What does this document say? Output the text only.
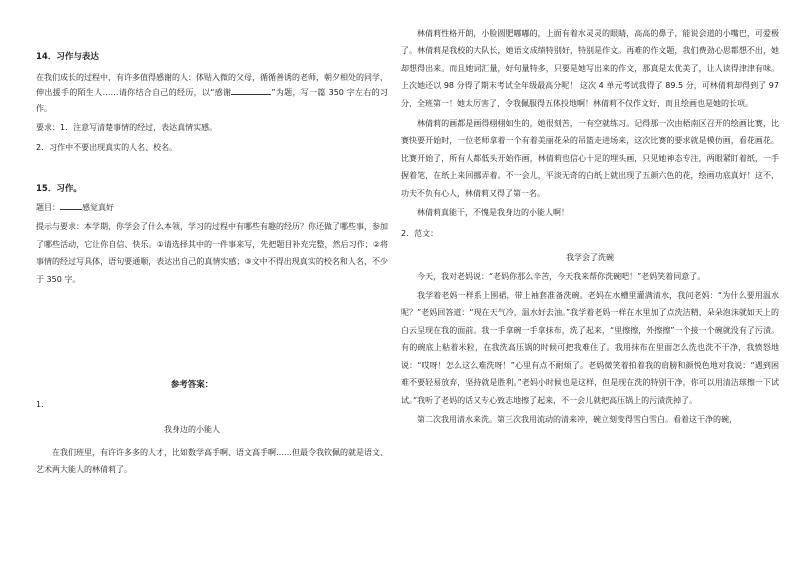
14．习作与表达

在我们成长的过程中，有许多值得感谢的人：体贴入微的父母，循循善诱的老师，朝夕相处的同学，伸出援手的陌生人……请你结合自己的经历，以“感谢	”为题，写一篇 350 字左右的习作。

要求：1．注意写清楚事情的经过，表达真情实感。

2．习作中不要出现真实的人名、校名。

15．习作。

题目：	感觉真好

提示与要求：本学期，你学会了什么本领，学习的过程中有哪些有趣的经历？你还做了哪些事，参加了哪些活动，它让你自信、快乐。①请选择其中的一件事来写，先把题目补充完整，然后习作；②将事情的经过写具体，语句要通顺，表达出自己的真情实感；③文中不得出现真实的校名和人名，不少于 350 字。

参考答案：
1．
我身边的小能人

在我们班里，有许许多多的人才，比如数学高手啊、语文高手啊……但最令我钦佩的就是语文、艺术两大能人的林倩莉了。

林倩莉性格开朗，小脸圆肥嘟嘟的，上面有着水灵灵的眼睛，高高的鼻子，能说会道的小嘴巴，可爱极了。林倩莉是我校的大队长，她语文成绩特别好，特别是作文。再难的作文题，我们费劲心思都想不出，她却想得出来。而且她词汇量，好句量特多，只要是她写出来的作文，那真是太优美了，让人读得津津有味。 上次她还以 98 分得了期末考试全年级最高分呢！ 这次 4 单元考试我得了 89.5 分，可林倩莉却得到了 97 分，全班第一！她太厉害了，令我佩服得五体投地啊！林倩莉不仅作文好，而且绘画也是她的长项。

林倩莉的画都是画得栩栩如生的，她很刻苦，一有空就练习。记得那一次由梧南区召开的绘画比赛，比赛快要开始时，一位老师拿着一个有着美丽花朵的吊篮走进场来，这次比赛的要求就是模仿画，看花画花。比赛开始了，所有人都低头开始作画，林倩莉也信心十足的埋头画，只见她神态专注，两眼紧盯着纸，一手握着笔，在纸上来回挪弄着。不一会儿，平淡无奇的白纸上就出现了五颜六色的花，绘画功底真好！这不，功夫不负有心人，林倩莉又得了第一名。

林倩莉真能干，不愧是我身边的小能人啊！

2．范文：
我学会了洗碗

今天，我对老妈说：“老妈你那么辛苦，今天我来帮你洗碗吧！”老妈笑着同意了。

我学着老妈一样系上围裙，带上袖套准备洗碗。老妈在水槽里灌满清水，我问老妈：“为什么要用温水呢？”老妈回答道：“现在天气冷，温水好去油。”我学着老妈一样在水里加了点洗洁精，朵朵泡沫就如天上的白云呈现在我的面前。我一手拿碗一手拿抹布，洗了起来，“里擦擦，外擦擦”一个接一个碗就没有了污渍。有的碗底上粘着米粒，在我洗高压锅的时候可把我难住了。我用抹布在里面怎么洗也洗不干净，我愤怒地说：“哎呀！怎么这么难洗呀！”心里有点不耐烦了。老妈微笑着拍着我的肩膀和颜悦色地对我说：“遇到困难不要轻易放弃，坚持就是胜利。”老妈小时候也是这样，但是现在洗的特别干净，你可以用清洁球擦一下试试。”我听了老妈的话又专心致志地擦了起来，不一会儿就把高压锅上的污渍洗掉了。

第二次我用清水来洗。第三次我用流动的清来冲，碗立刻变得雪白雪白。看着这干净的碗，
